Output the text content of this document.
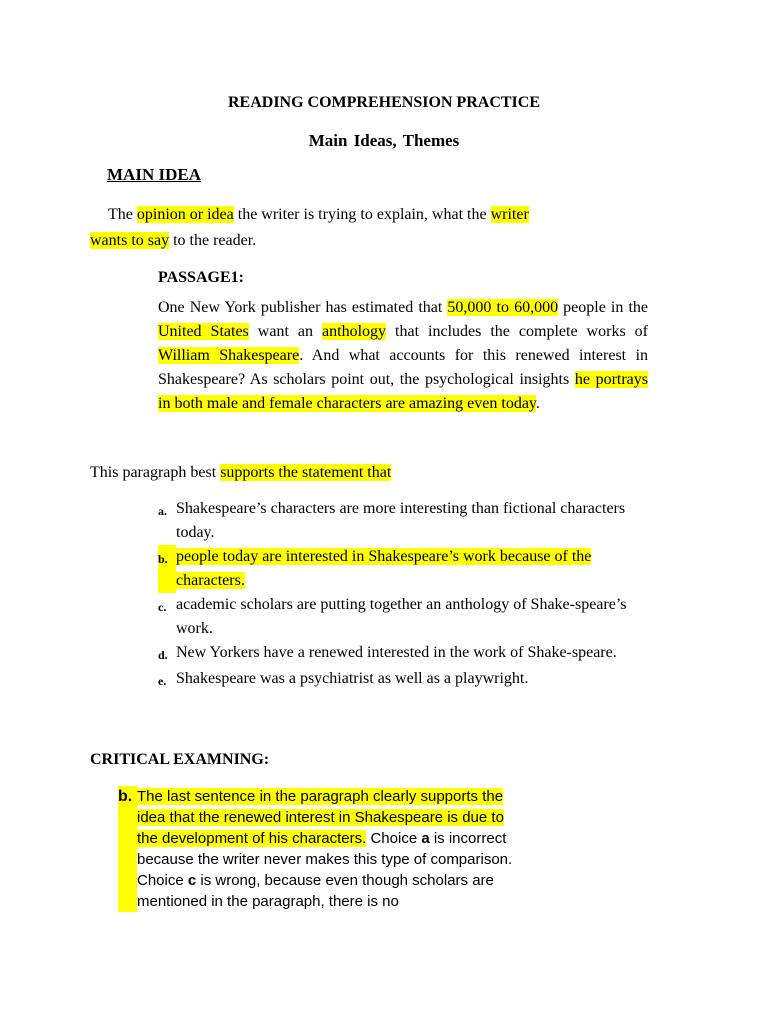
READING COMPREHENSION PRACTICE
Main Ideas, Themes
MAIN IDEA
The opinion or idea the writer is trying to explain, what the writer
wants to say to the reader.
PASSAGE1:
One New York publisher has estimated that 50,000 to 60,000 people in the United States want an anthology that includes the complete works of William Shakespeare. And what accounts for this renewed interest in Shakespeare? As scholars point out, the psychological insights he portrays in both male and female characters are amazing even today.
This paragraph best supports the statement that
a. Shakespeare’s characters are more interesting than fictional characters today.
b. people today are interested in Shakespeare’s work because of the characters.
c. academic scholars are putting together an anthology of Shake-speare’s work.
d. New Yorkers have a renewed interested in the work of Shake-speare.
e. Shakespeare was a psychiatrist as well as a playwright.
CRITICAL EXAMNING:
b. The last sentence in the paragraph clearly supports the idea that the renewed interest in Shakespeare is due to the development of his characters. Choice a is incorrect because the writer never makes this type of comparison. Choice c is wrong, because even though scholars are mentioned in the paragraph, there is no
